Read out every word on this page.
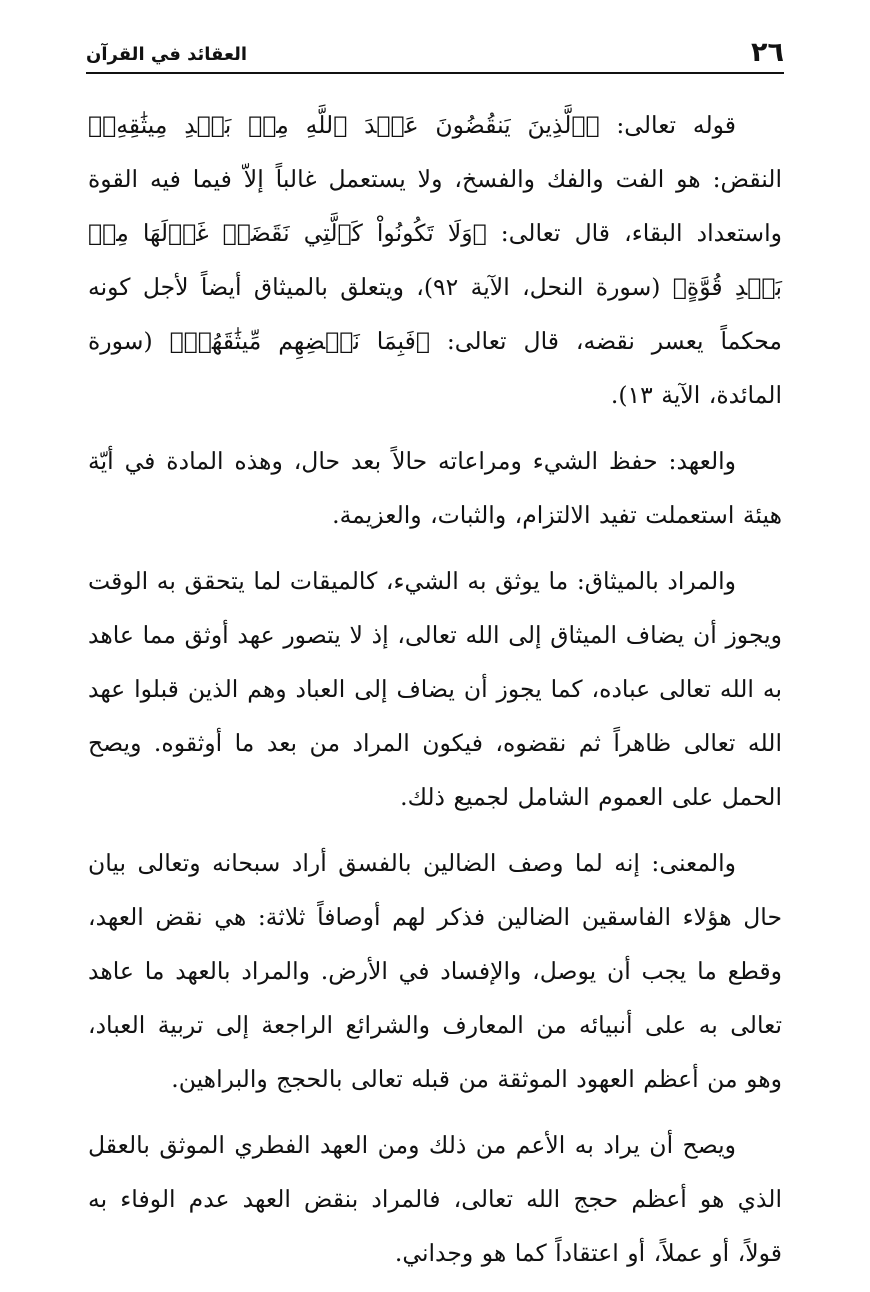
٢٦
العقائد في القرآن

قوله تعالى: ﴿ٱلَّذِينَ يَنقُضُونَ عَهۡدَ ٱللَّهِ مِنۢ بَعۡدِ مِيثَٰقِهِۦ﴾ النقض: هو الفت والفك والفسخ، ولا يستعمل غالباً إلاّ فيما فيه القوة واستعداد البقاء، قال تعالى: ﴿وَلَا تَكُونُواْ كَٱلَّتِي نَقَضَتۡ غَزۡلَهَا مِنۢ بَعۡدِ قُوَّةٍ﴾ (سورة النحل، الآية ٩٢)، ويتعلق بالميثاق أيضاً لأجل كونه محكماً يعسر نقضه، قال تعالى: ﴿فَبِمَا نَقۡضِهِم مِّيثَٰقَهُمۡ﴾ (سورة المائدة، الآية ١٣).

والعهد: حفظ الشيء ومراعاته حالاً بعد حال، وهذه المادة في أيّة هيئة استعملت تفيد الالتزام، والثبات، والعزيمة.

والمراد بالميثاق: ما يوثق به الشيء، كالميقات لما يتحقق به الوقت ويجوز أن يضاف الميثاق إلى الله تعالى، إذ لا يتصور عهد أوثق مما عاهد به الله تعالى عباده، كما يجوز أن يضاف إلى العباد وهم الذين قبلوا عهد الله تعالى ظاهراً ثم نقضوه، فيكون المراد من بعد ما أوثقوه. ويصح الحمل على العموم الشامل لجميع ذلك.

والمعنى: إنه لما وصف الضالين بالفسق أراد سبحانه وتعالى بيان حال هؤلاء الفاسقين الضالين فذكر لهم أوصافاً ثلاثة: هي نقض العهد، وقطع ما يجب أن يوصل، والإفساد في الأرض. والمراد بالعهد ما عاهد تعالى به على أنبيائه من المعارف والشرائع الراجعة إلى تربية العباد، وهو من أعظم العهود الموثقة من قبله تعالى بالحجج والبراهين.

ويصح أن يراد به الأعم من ذلك ومن العهد الفطري الموثق بالعقل الذي هو أعظم حجج الله تعالى، فالمراد بنقض العهد عدم الوفاء به قولاً، أو عملاً، أو اعتقاداً كما هو وجداني.
